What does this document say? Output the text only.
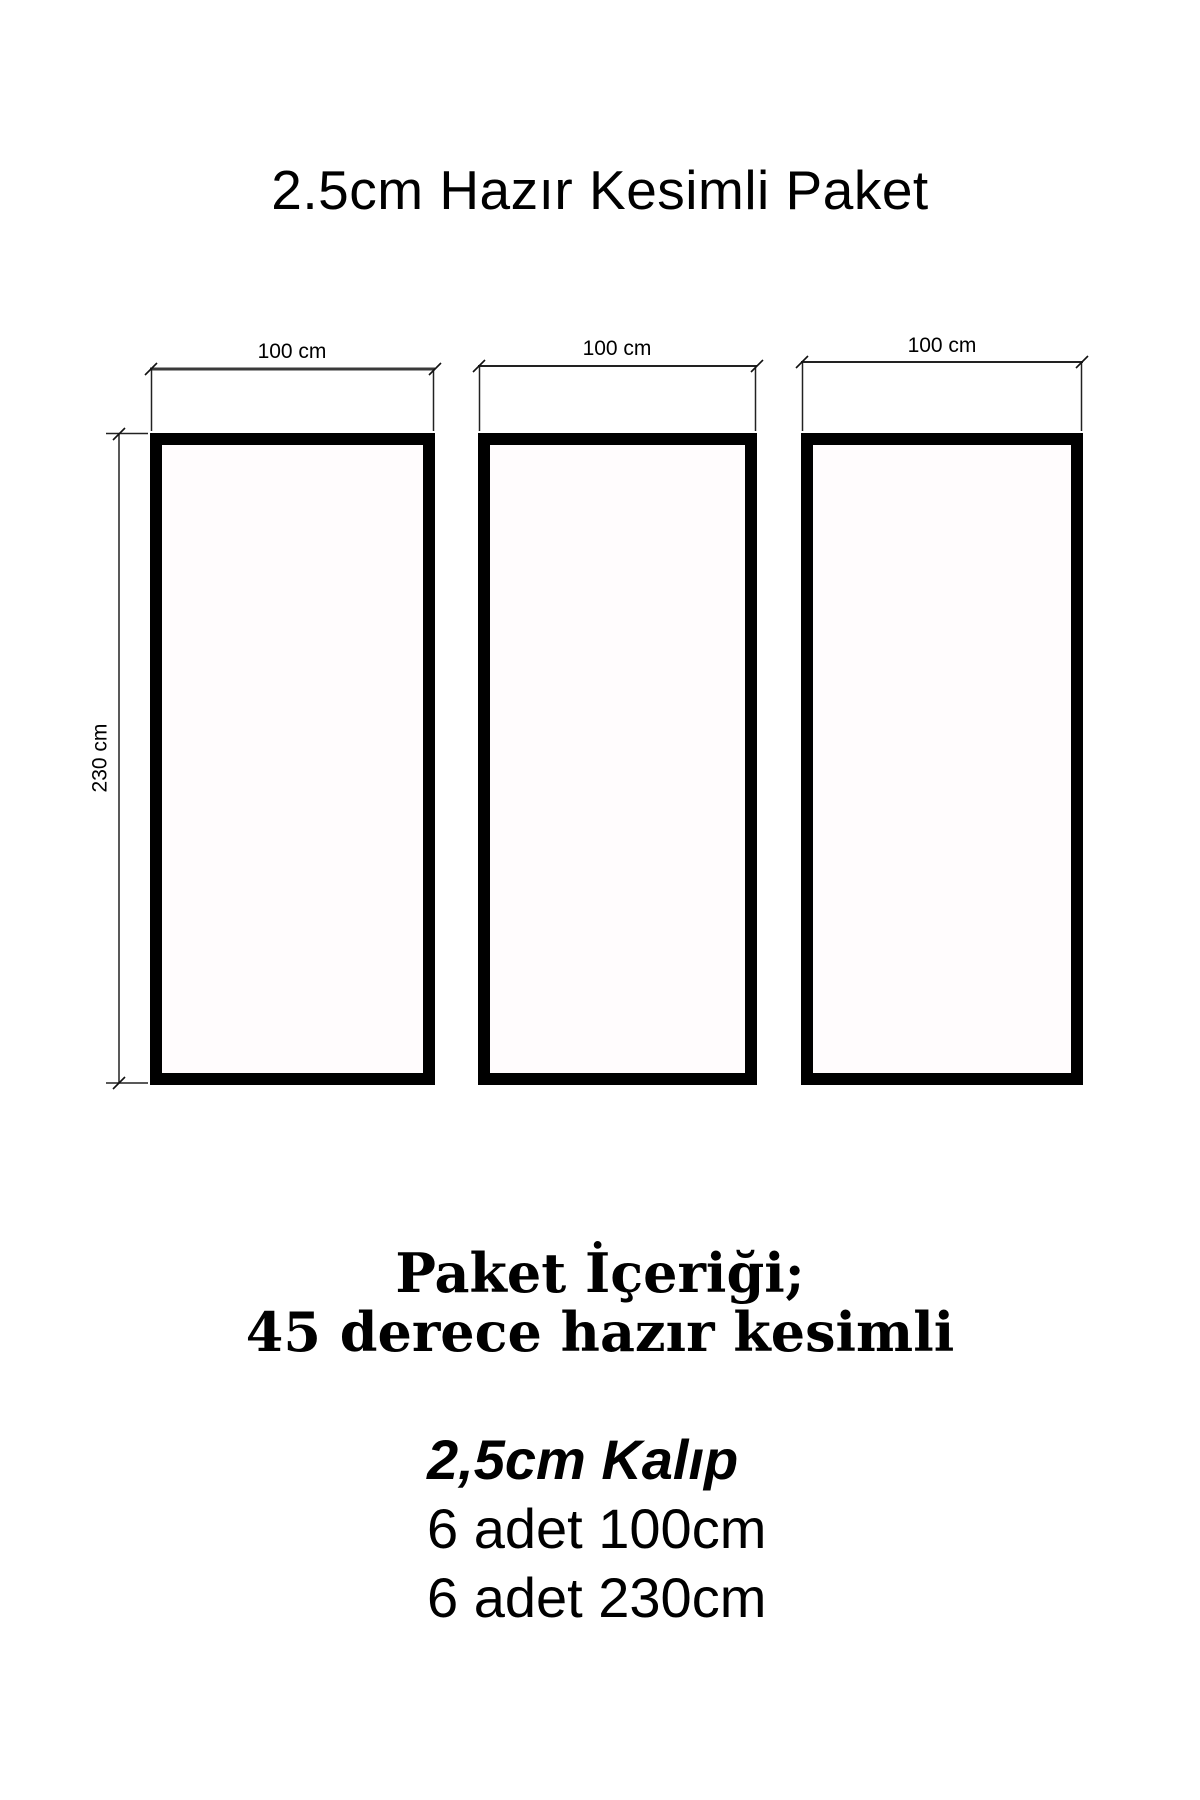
2.5cm Hazır Kesimli Paket
100 cm	100 cm	100 cm
230 cm
Paket İçeriği;
45 derece hazır kesimli
2,5cm Kalıp
6 adet 100cm
6 adet 230cm
